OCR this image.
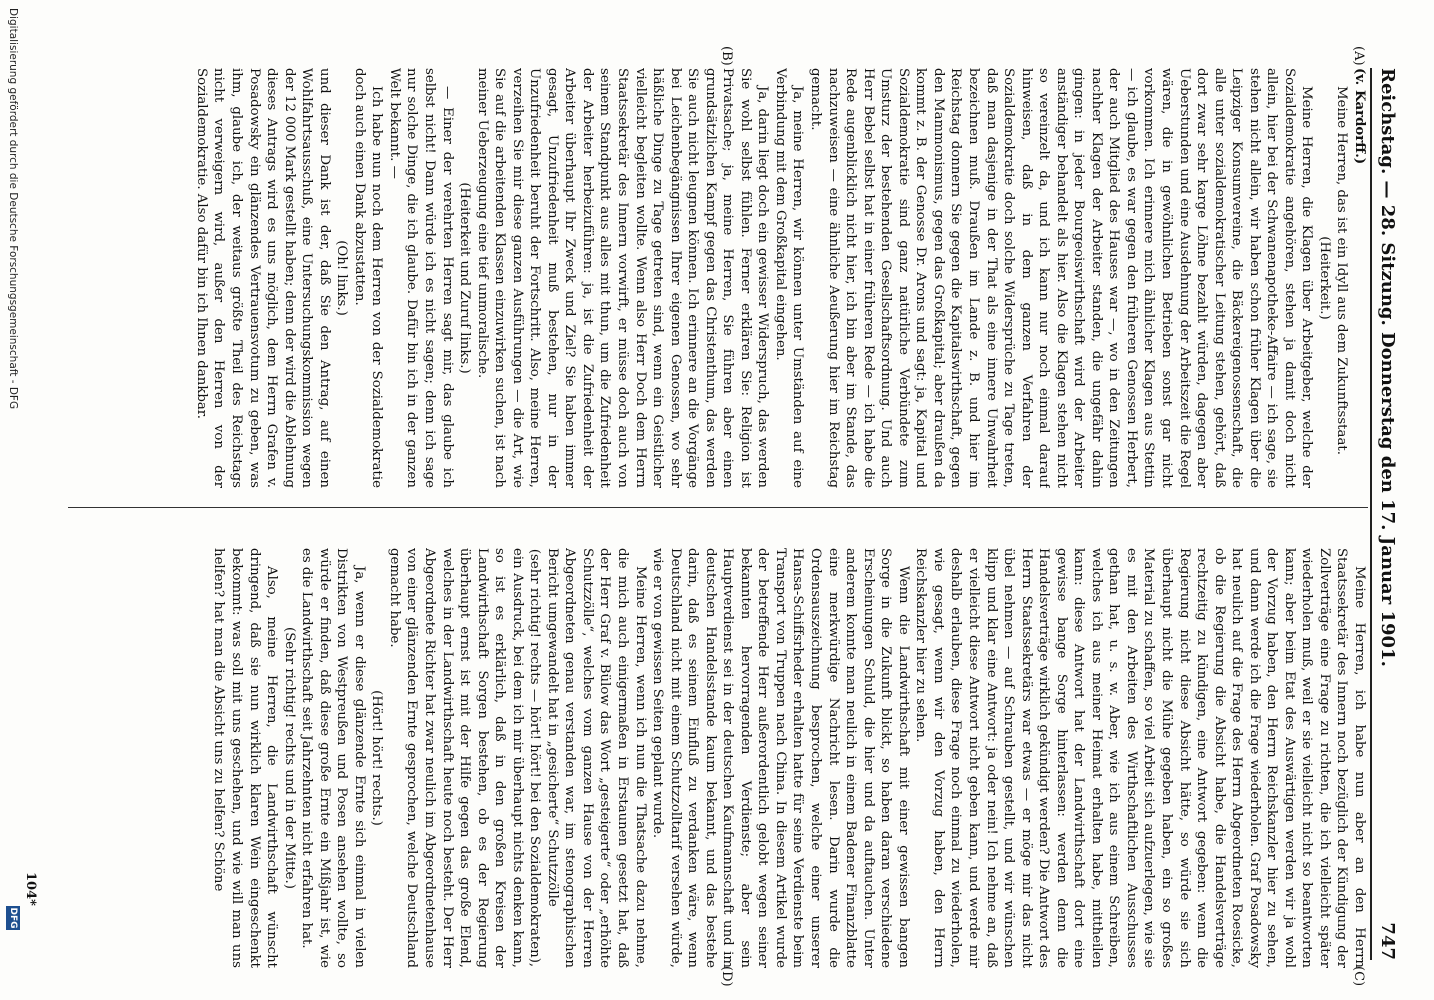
Reichstag. — 28. Sitzung. Donnerstag den 17. Januar 1901.
747
(A)
(B)
(C)
(D)

(v. Kardorff.)

Meine Herren, das ist ein Idyll aus dem Zukunftsstaat.

(Heiterkeit.)

Meine Herren, die Klagen über Arbeitgeber, welche der Sozialdemokratie angehören, stehen ja damit doch nicht allein, hier bei der Schwanenapotheke-Affaire — ich sage, sie stehen nicht allein, wir haben schon früher Klagen über die Leipziger Konsumvereine, die Bäckereigenossenschaft, die alle unter sozialdemokratischer Leitung stehen, gehört, daß dort zwar sehr karge Löhne bezahlt würden, dagegen aber Ueberstunden und eine Ausdehnung der Arbeitszeit die Regel wären, die in gewöhnlichen Betrieben sonst gar nicht vorkommen. Ich erinnere mich ähnlicher Klagen aus Stettin — ich glaube, es war gegen den früheren Genossen Herbert, der auch Mitglied des Hauses war —, wo in den Zeitungen nachher Klagen der Arbeiter standen, die ungefähr dahin gingen: in jeder Bourgeoiswirthschaft wird der Arbeiter anständiger behandelt als hier. Also die Klagen stehen nicht so vereinzelt da, und ich kann nur noch einmal darauf hinweisen, daß in dem ganzen Verfahren der Sozialdemokratie doch solche Widersprüche zu Tage treten, daß man dasjenige in der That als eine innere Unwahrheit bezeichnen muß. Draußen im Lande z. B. und hier im Reichstag donnern Sie gegen die Kapitalswirthschaft, gegen den Mammonismus, gegen das Großkapital; aber draußen da kommt z. B. der Genosse Dr. Arons und sagt: ja, Kapital und Sozialdemokratie sind ganz natürliche Verbündete zum Umsturz der bestehenden Gesellschaftsordnung. Und auch Herr Bebel selbst hat in einer früheren Rede — ich habe die Rede augenblicklich nicht hier, ich bin aber im Stande, das nachzuweisen — eine ähnliche Aeußerung hier im Reichstag gemacht.

Ja, meine Herren, wir können unter Umständen auf eine Verbindung mit dem Großkapital eingehen.

Ja, darin liegt doch ein gewisser Widerspruch, das werden Sie wohl selbst fühlen. Ferner erklären Sie: Religion ist Privatsache; ja, meine Herren, Sie führen aber einen grundsätzlichen Kampf gegen das Christenthum, das werden Sie auch nicht leugnen können. Ich erinnere an die Vorgänge bei Leichenbegängnissen Ihrer eigenen Genossen, wo sehr häßliche Dinge zu Tage getreten sind, wenn ein Geistlicher vielleicht begleiten wollte. Wenn also Herr Doch dem Herrn Staatssekretär des Innern vorwirft, er müsse doch auch von seinem Standpunkt aus alles mit thun, um die Zufriedenheit der Arbeiter herbeizuführen: ja, ist die Zufriedenheit der Arbeiter überhaupt Ihr Zweck und Ziel? Sie haben immer gesagt, Unzufriedenheit muß bestehen, nur in der Unzufriedenheit beruht der Fortschritt. Also, meine Herren, verzeihen Sie mir diese ganzen Ausführungen — die Art, wie Sie auf die arbeitenden Klassen einzuwirken suchen, ist nach meiner Ueberzeugung eine tief unmoralische.

(Heiterkeit und Zuruf links.)

— Einer der verehrten Herren sagt mir, das glaube ich selbst nicht! Dann würde ich es nicht sagen; denn ich sage nur solche Dinge, die ich glaube. Dafür bin ich in der ganzen Welt bekannt. —

Ich habe nun noch dem Herren von der Sozialdemokratie doch auch einen Dank abzustatten.

(Oh! links.)

und dieser Dank ist der, daß Sie den Antrag, auf einen Wohlfahrtsausschuß, eine Untersuchungskommission wegen der 12 000 Mark gestellt haben; denn der wird die Ablehnung dieses Antrags wird es uns möglich, dem Herrn Grafen v. Posadowsky ein glänzendes Vertrauensvotum zu geben, was ihm, glaube ich, der weitaus größte Theil des Reichstags nicht verweigern wird, außer den Herren von der Sozialdemokratie. Also dafür bin ich Ihnen dankbar.

Meine Herren, ich habe nun aber an den Herrn Staatssekretär des Innern noch bezüglich der Kündigung der Zollverträge eine Frage zu richten, die ich vielleicht später wiederholen muß, weil er sie vielleicht nicht so beantworten kann; aber beim Etat des Auswärtigen werden wir ja wohl der Vorzug haben, den Herrn Reichskanzler hier zu sehen, und dann werde ich die Frage wiederholen. Graf Posadowsky hat neulich auf die Frage des Herrn Abgeordneten Roesicke, ob die Regierung die Absicht habe, die Handelsverträge rechtzeitig zu kündigen, eine Antwort gegeben: wenn die Regierung nicht diese Absicht hätte, so würde sie sich überhaupt nicht die Mühe gegeben haben, ein so großes Material zu schaffen, so viel Arbeit sich aufzuerlegen, wie sie es mit den Arbeiten des Wirthschaftlichen Ausschusses gethan hat, u. s. w. Aber, wie ich aus einem Schreiben, welches ich aus meiner Heimat erhalten habe, mittheilen kann: diese Antwort hat der Landwirthschaft dort eine gewisse bange Sorge hinterlassen: werden denn die Handelsverträge wirklich gekündigt werden? Die Antwort des Herrn Staatssekretärs war etwas — er möge mir das nicht übel nehmen — auf Schrauben gestellt, und wir wünschen klipp und klar eine Antwort: ja oder nein! Ich nehme an, daß er vielleicht diese Antwort nicht geben kann, und werde mir deshalb erlauben, diese Frage noch einmal zu wiederholen, wie gesagt, wenn wir den Vorzug haben, den Herrn Reichskanzler hier zu sehen.

Wenn die Landwirthschaft mit einer gewissen bangen Sorge in die Zukunft blickt, so haben daran verschiedene Erscheinungen Schuld, die hier und da auftauchen. Unter anderem konnte man neulich in einem Badener Finanzblatte eine merkwürdige Nachricht lesen. Darin wurde die Ordensauszeichnung besprochen, welche einer unserer Hansa-Schiffsrheder erhalten hatte für seine Verdienste beim Transport von Truppen nach China. In diesem Artikel wurde der betreffende Herr außerordentlich gelobt wegen seiner bekannten hervorragenden Verdienste; aber sein Hauptverdienst sei in der deutschen Kaufmannschaft und im deutschen Handelsstande kaum bekannt, und das bestehe darin, daß es seinem Einfluß zu verdanken wäre, wenn Deutschland nicht mit einem Schutzzolltarif versehen würde, wie er von gewissen Seiten geplant wurde.

Meine Herren, wenn ich nun die Thatsache dazu nehme, die mich auch einigermaßen in Erstaunen gesetzt hat, daß der Herr Graf v. Bülow das Wort „gesteigerte“ oder „erhöhte Schutzzölle“, welches vom ganzen Hause von der Herren Abgeordneten genau verstanden war, im stenographischen Bericht umgewandelt hat in „gesicherte“ Schutzzölle

(sehr richtig! rechts — hört! hört! bei den Sozialdemokraten),

ein Ausdruck, bei dem ich mir überhaupt nichts denken kann, so ist es erklärlich, daß in den großen Kreisen der Landwirthschaft Sorgen bestehen, ob es der Regierung überhaupt ernst ist mit der Hilfe gegen das große Elend, welches in der Landwirthschaft heute noch besteht. Der Herr Abgeordnete Richter hat zwar neulich im Abgeordnetenhause von einer glänzenden Ernte gesprochen, welche Deutschland gemacht habe.

(Hört! hört! rechts.)

Ja, wenn er diese glänzende Ernte sich einmal in vielen Distrikten von Westpreußen und Posen ansehen wollte, so würde er finden, daß diese große Ernte ein Mißjahr ist, wie es die Landwirthschaft seit Jahrzehnten nicht erfahren hat.

(Sehr richtig! rechts und in der Mitte.)

Also, meine Herren, die Landwirthschaft wünscht dringend, daß sie nun wirklich klaren Wein eingeschenkt bekommt: was soll mit uns geschehen, und wie will man uns helfen? hat man die Absicht uns zu helfen? Schöne

104*
Digitalisierung gefördert durch die Deutsche Forschungsgemeinschaft - DFG
DFG
